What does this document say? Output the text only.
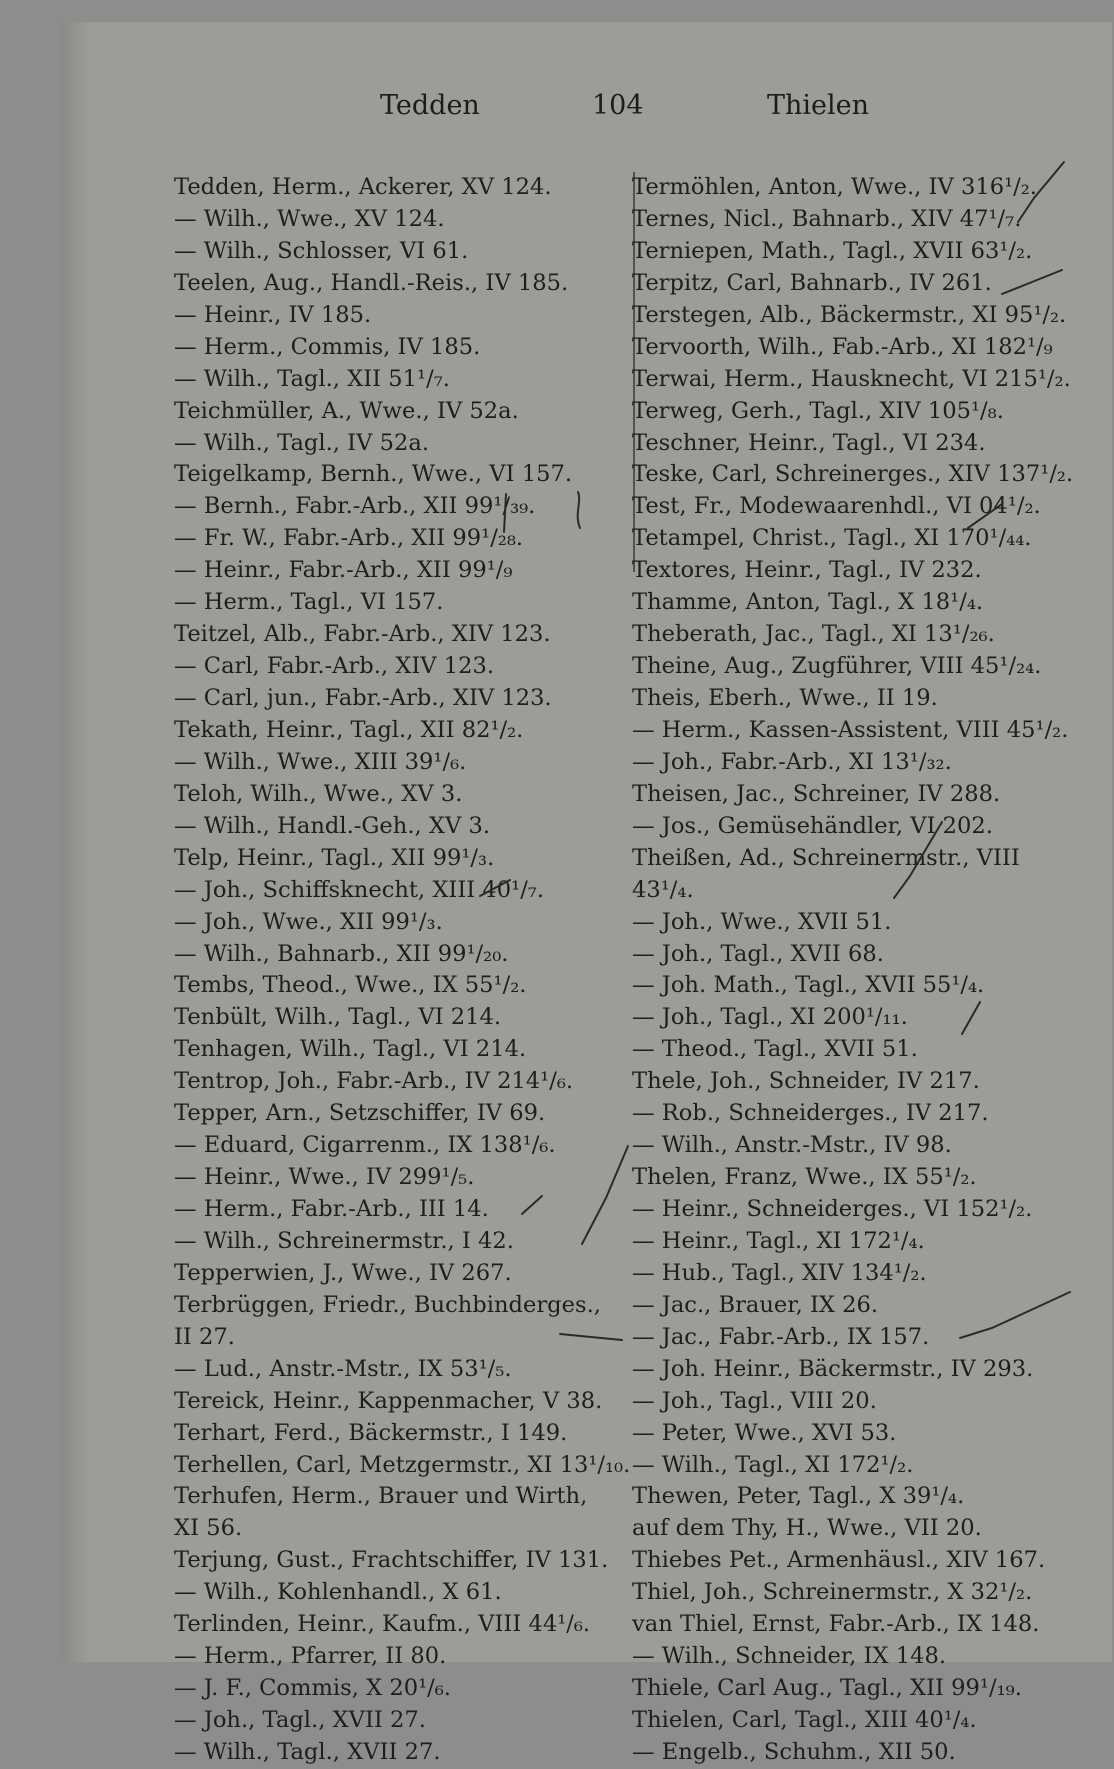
Tedden	104	Thielen
Tedden, Herm., Ackerer, XV 124.
— Wilh., Wwe., XV 124.
— Wilh., Schlosser, VI 61.
Teelen, Aug., Handl.-Reis., IV 185.
— Heinr., IV 185.
— Herm., Commis, IV 185.
— Wilh., Tagl., XII 51¹/₇.
Teichmüller, A., Wwe., IV 52a.
— Wilh., Tagl., IV 52a.
Teigelkamp, Bernh., Wwe., VI 157.
— Bernh., Fabr.-Arb., XII 99¹/₃₉.
— Fr. W., Fabr.-Arb., XII 99¹/₂₈.
— Heinr., Fabr.-Arb., XII 99¹/₉
— Herm., Tagl., VI 157.
Teitzel, Alb., Fabr.-Arb., XIV 123.
— Carl, Fabr.-Arb., XIV 123.
— Carl, jun., Fabr.-Arb., XIV 123.
Tekath, Heinr., Tagl., XII 82¹/₂.
— Wilh., Wwe., XIII 39¹/₆.
Teloh, Wilh., Wwe., XV 3.
— Wilh., Handl.-Geh., XV 3.
Telp, Heinr., Tagl., XII 99¹/₃.
— Joh., Schiffsknecht, XIII 40¹/₇.
— Joh., Wwe., XII 99¹/₃.
— Wilh., Bahnarb., XII 99¹/₂₀.
Tembs, Theod., Wwe., IX 55¹/₂.
Tenbült, Wilh., Tagl., VI 214.
Tenhagen, Wilh., Tagl., VI 214.
Tentrop, Joh., Fabr.-Arb., IV 214¹/₆.
Tepper, Arn., Setzschiffer, IV 69.
— Eduard, Cigarrenm., IX 138¹/₆.
— Heinr., Wwe., IV 299¹/₅.
— Herm., Fabr.-Arb., III 14.
— Wilh., Schreinermstr., I 42.
Tepperwien, J., Wwe., IV 267.
Terbrüggen, Friedr., Buchbinderges.,
II 27.
— Lud., Anstr.-Mstr., IX 53¹/₅.
Tereick, Heinr., Kappenmacher, V 38.
Terhart, Ferd., Bäckermstr., I 149.
Terhellen, Carl, Metzgermstr., XI 13¹/₁₀.
Terhufen, Herm., Brauer und Wirth,
XI 56.
Terjung, Gust., Frachtschiffer, IV 131.
— Wilh., Kohlenhandl., X 61.
Terlinden, Heinr., Kaufm., VIII 44¹/₆.
— Herm., Pfarrer, II 80.
— J. F., Commis, X 20¹/₆.
— Joh., Tagl., XVII 27.
— Wilh., Tagl., XVII 27.
Termöhlen, Anton, Wwe., IV 316¹/₂.
Ternes, Nicl., Bahnarb., XIV 47¹/₇.
Terniepen, Math., Tagl., XVII 63¹/₂.
Terpitz, Carl, Bahnarb., IV 261.
Terstegen, Alb., Bäckermstr., XI 95¹/₂.
Tervoorth, Wilh., Fab.-Arb., XI 182¹/₉
Terwai, Herm., Hausknecht, VI 215¹/₂.
Terweg, Gerh., Tagl., XIV 105¹/₈.
Teschner, Heinr., Tagl., VI 234.
Teske, Carl, Schreinerges., XIV 137¹/₂.
Test, Fr., Modewaarenhdl., VI 04¹/₂.
Tetampel, Christ., Tagl., XI 170¹/₄₄.
Textores, Heinr., Tagl., IV 232.
Thamme, Anton, Tagl., X 18¹/₄.
Theberath, Jac., Tagl., XI 13¹/₂₆.
Theine, Aug., Zugführer, VIII 45¹/₂₄.
Theis, Eberh., Wwe., II 19.
— Herm., Kassen-Assistent, VIII 45¹/₂.
— Joh., Fabr.-Arb., XI 13¹/₃₂.
Theisen, Jac., Schreiner, IV 288.
— Jos., Gemüsehändler, VI 202.
Theißen, Ad., Schreinermstr., VIII
43¹/₄.
— Joh., Wwe., XVII 51.
— Joh., Tagl., XVII 68.
— Joh. Math., Tagl., XVII 55¹/₄.
— Joh., Tagl., XI 200¹/₁₁.
— Theod., Tagl., XVII 51.
Thele, Joh., Schneider, IV 217.
— Rob., Schneiderges., IV 217.
— Wilh., Anstr.-Mstr., IV 98.
Thelen, Franz, Wwe., IX 55¹/₂.
— Heinr., Schneiderges., VI 152¹/₂.
— Heinr., Tagl., XI 172¹/₄.
— Hub., Tagl., XIV 134¹/₂.
— Jac., Brauer, IX 26.
— Jac., Fabr.-Arb., IX 157.
— Joh. Heinr., Bäckermstr., IV 293.
— Joh., Tagl., VIII 20.
— Peter, Wwe., XVI 53.
— Wilh., Tagl., XI 172¹/₂.
Thewen, Peter, Tagl., X 39¹/₄.
auf dem Thy, H., Wwe., VII 20.
Thiebes Pet., Armenhäusl., XIV 167.
Thiel, Joh., Schreinermstr., X 32¹/₂.
van Thiel, Ernst, Fabr.-Arb., IX 148.
— Wilh., Schneider, IX 148.
Thiele, Carl Aug., Tagl., XII 99¹/₁₉.
Thielen, Carl, Tagl., XIII 40¹/₄.
— Engelb., Schuhm., XII 50.
